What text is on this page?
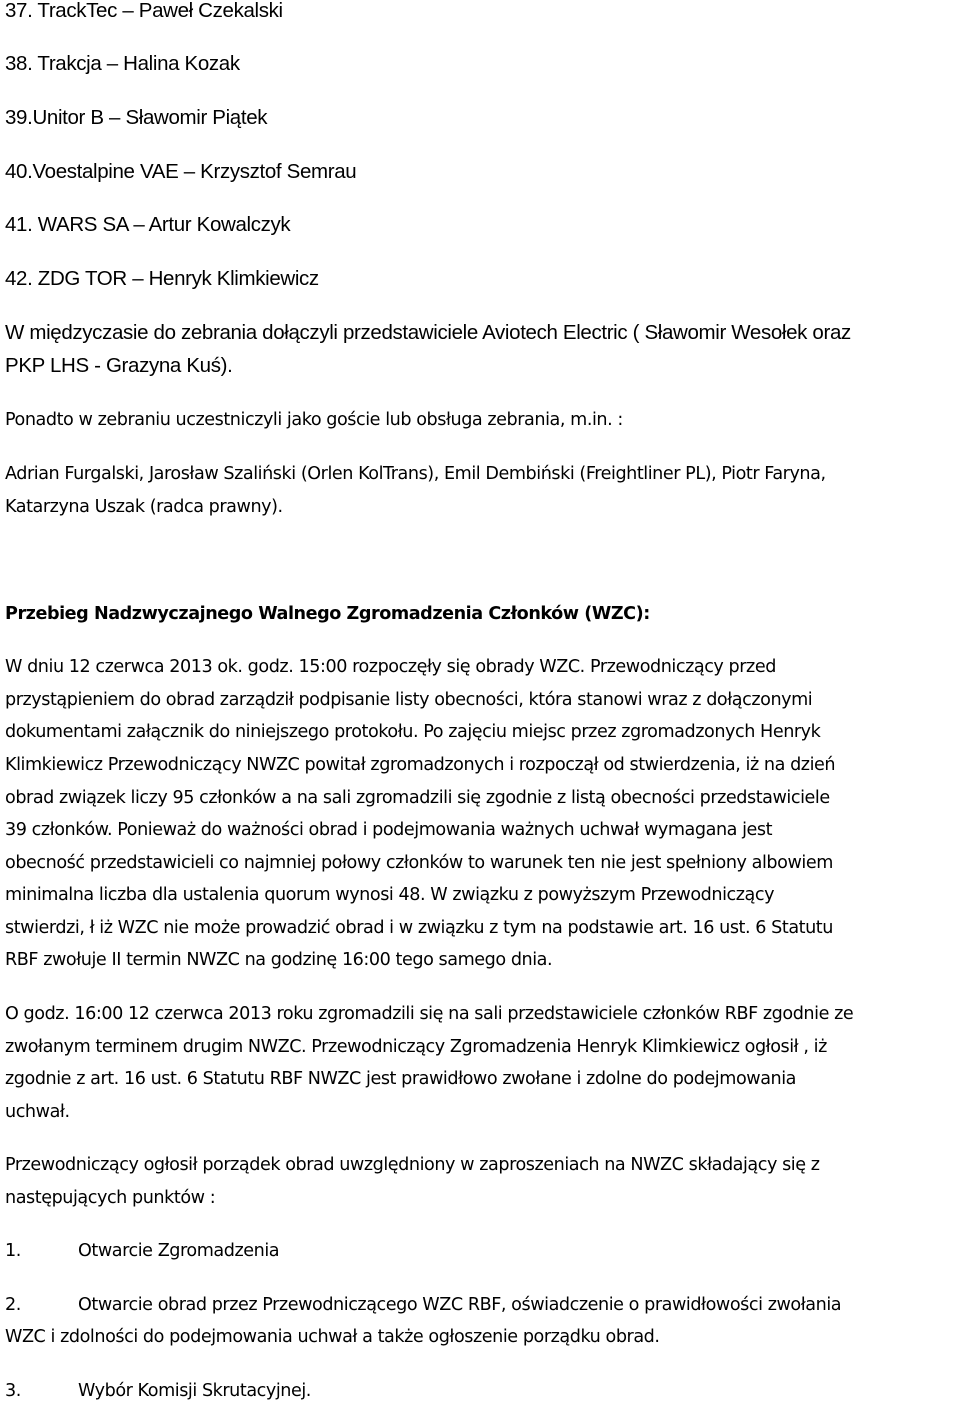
37. TrackTec – Paweł Czekalski
38. Trakcja – Halina Kozak
39.Unitor B – Sławomir Piątek
40.Voestalpine VAE – Krzysztof Semrau
41. WARS SA – Artur Kowalczyk
42. ZDG TOR – Henryk Klimkiewicz
W międzyczasie do zebrania dołączyli przedstawiciele Aviotech Electric ( Sławomir Wesołek oraz
PKP LHS - Grazyna Kuś).
Ponadto w zebraniu uczestniczyli jako goście lub obsługa zebrania, m.in. :
Adrian Furgalski, Jarosław Szaliński (Orlen KolTrans), Emil Dembiński (Freightliner PL), Piotr Faryna,
Katarzyna Uszak (radca prawny).
Przebieg Nadzwyczajnego Walnego Zgromadzenia Członków (WZC):
W dniu 12 czerwca 2013 ok. godz. 15:00 rozpoczęły się obrady WZC. Przewodniczący przed
przystąpieniem do obrad zarządził podpisanie listy obecności, która stanowi wraz z dołączonymi
dokumentami załącznik do niniejszego protokołu. Po zajęciu miejsc przez zgromadzonych Henryk
Klimkiewicz Przewodniczący NWZC powitał zgromadzonych i rozpoczął od stwierdzenia, iż na dzień
obrad związek liczy 95 członków a na sali zgromadzili się zgodnie z listą obecności przedstawiciele
39 członków. Ponieważ do ważności obrad i podejmowania ważnych uchwał wymagana jest
obecność przedstawicieli co najmniej połowy członków to warunek ten nie jest spełniony albowiem
minimalna liczba dla ustalenia quorum wynosi 48. W związku z powyższym Przewodniczący
stwierdzi, ł iż WZC nie może prowadzić obrad i w związku z tym na podstawie art. 16 ust. 6 Statutu
RBF zwołuje II termin NWZC na godzinę 16:00 tego samego dnia.
O godz. 16:00 12 czerwca 2013 roku zgromadzili się na sali przedstawiciele członków RBF zgodnie ze
zwołanym terminem drugim NWZC. Przewodniczący Zgromadzenia Henryk Klimkiewicz ogłosił , iż
zgodnie z art. 16 ust. 6 Statutu RBF NWZC jest prawidłowo zwołane i zdolne do podejmowania
uchwał.
Przewodniczący ogłosił porządek obrad uwzględniony w zaproszeniach na NWZC składający się z
następujących punktów :
1.	Otwarcie Zgromadzenia
2.	Otwarcie obrad przez Przewodniczącego WZC RBF, oświadczenie o prawidłowości zwołania
WZC i zdolności do podejmowania uchwał a także ogłoszenie porządku obrad.
3.	Wybór Komisji Skrutacyjnej.
